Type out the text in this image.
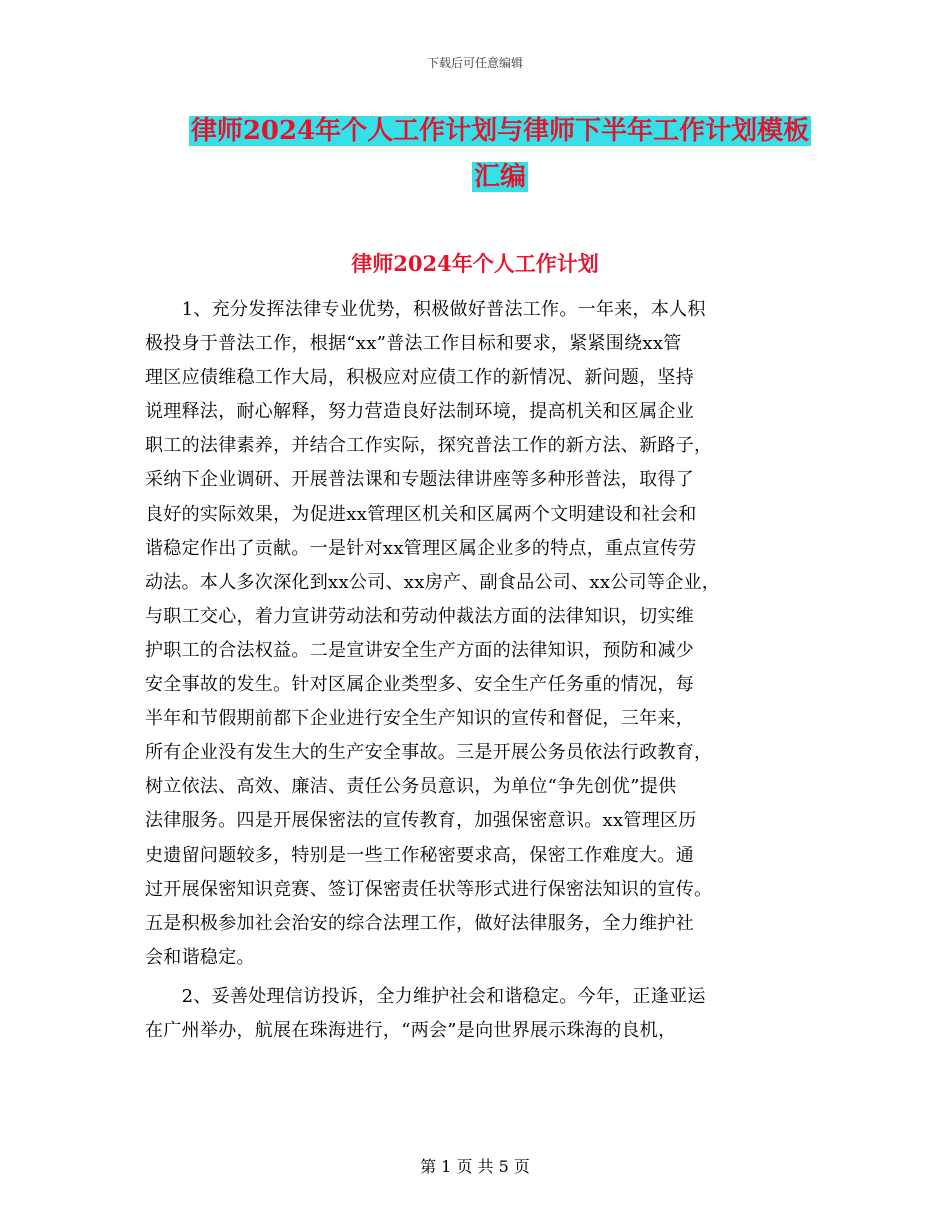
下载后可任意编辑
律师2024年个人工作计划与律师下半年工作计划模板
汇编
律师2024年个人工作计划
　　1、充分发挥法律专业优势，积极做好普法工作。一年来，本人积
极投身于普法工作，根据“xx”普法工作目标和要求，紧紧围绕xx管
理区应债维稳工作大局，积极应对应债工作的新情况、新问题，坚持
说理释法，耐心解释，努力营造良好法制环境，提高机关和区属企业
职工的法律素养，并结合工作实际，探究普法工作的新方法、新路子，
采纳下企业调研、开展普法课和专题法律讲座等多种形普法，取得了
良好的实际效果，为促进xx管理区机关和区属两个文明建设和社会和
谐稳定作出了贡献。一是针对xx管理区属企业多的特点，重点宣传劳
动法。本人多次深化到xx公司、xx房产、副食品公司、xx公司等企业，
与职工交心，着力宣讲劳动法和劳动仲裁法方面的法律知识，切实维
护职工的合法权益。二是宣讲安全生产方面的法律知识，预防和减少
安全事故的发生。针对区属企业类型多、安全生产任务重的情况，每
半年和节假期前都下企业进行安全生产知识的宣传和督促，三年来，
所有企业没有发生大的生产安全事故。三是开展公务员依法行政教育，
树立依法、高效、廉洁、责任公务员意识，为单位“争先创优”提供
法律服务。四是开展保密法的宣传教育，加强保密意识。xx管理区历
史遗留问题较多，特别是一些工作秘密要求高，保密工作难度大。通
过开展保密知识竞赛、签订保密责任状等形式进行保密法知识的宣传。
五是积极参加社会治安的综合法理工作，做好法律服务，全力维护社
会和谐稳定。
　　2、妥善处理信访投诉，全力维护社会和谐稳定。今年，正逢亚运
在广州举办，航展在珠海进行，“两会”是向世界展示珠海的良机，
第 1 页 共 5 页
